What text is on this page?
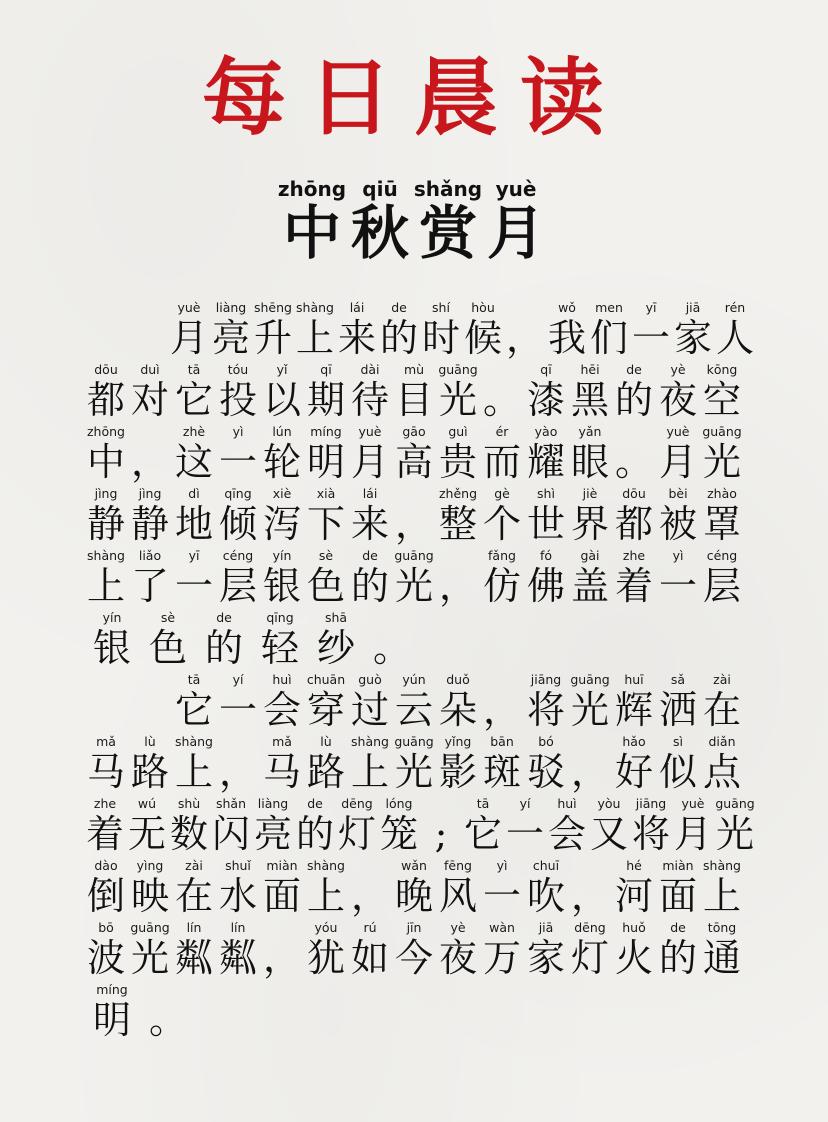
每日晨读
zhōng
中
qiū
秋
shǎng
赏
yuè
月
yuè
月
liàng
亮
shēng
升
shàng
上
lái
来
de
的
shí
时
hòu
候 ，
wǒ
我
men
们
yī
一
jiā
家
rén
人
dōu
都
duì
对
tā
它
tóu
投
yǐ
以
qī
期
dài
待
mù
目
guāng
光 。
qī
漆
hēi
黑
de
的
yè
夜
kōng
空
zhōng
中 ，
zhè
这
yì
一
lún
轮
míng
明
yuè
月
gāo
高
guì
贵
ér
而
yào
耀
yǎn
眼 。
yuè
月
guāng
光
jìng
静
jìng
静
dì
地
qīng
倾
xiè
泻
xià
下
lái
来 ，
zhěng
整
gè
个
shì
世
jiè
界
dōu
都
bèi
被
zhào
罩
shàng
上
liǎo
了
yī
一
céng
层
yín
银
sè
色
de
的
guāng
光 ，
fǎng
仿
fó
佛
gài
盖
zhe
着
yì
一
céng
层
yín
银
sè
色
de
的
qīng
轻
shā
纱 。
tā
它
yí
一
huì
会
chuān
穿
guò
过
yún
云
duǒ
朵 ，
jiāng
将
guāng
光
huī
辉
sǎ
洒
zài
在
mǎ
马
lù
路
shàng
上 ，
mǎ
马
lù
路
shàng
上
guāng
光
yǐng
影
bān
斑
bó
驳 ，
hǎo
好
sì
似
diǎn
点
zhe
着
wú
无
shù
数
shǎn
闪
liàng
亮
de
的
dēng
灯
lóng
笼 ;
tā
它
yí
一
huì
会
yòu
又
jiāng
将
yuè
月
guāng
光
dào
倒
yìng
映
zài
在
shuǐ
水
miàn
面
shàng
上 ，
wǎn
晚
fēng
风
yì
一
chuī
吹 ，
hé
河
miàn
面
shàng
上
bō
波
guāng
光
lín
粼
lín
粼 ，
yóu
犹
rú
如
jīn
今
yè
夜
wàn
万
jiā
家
dēng
灯
huǒ
火
de
的
tōng
通
míng
明 。
